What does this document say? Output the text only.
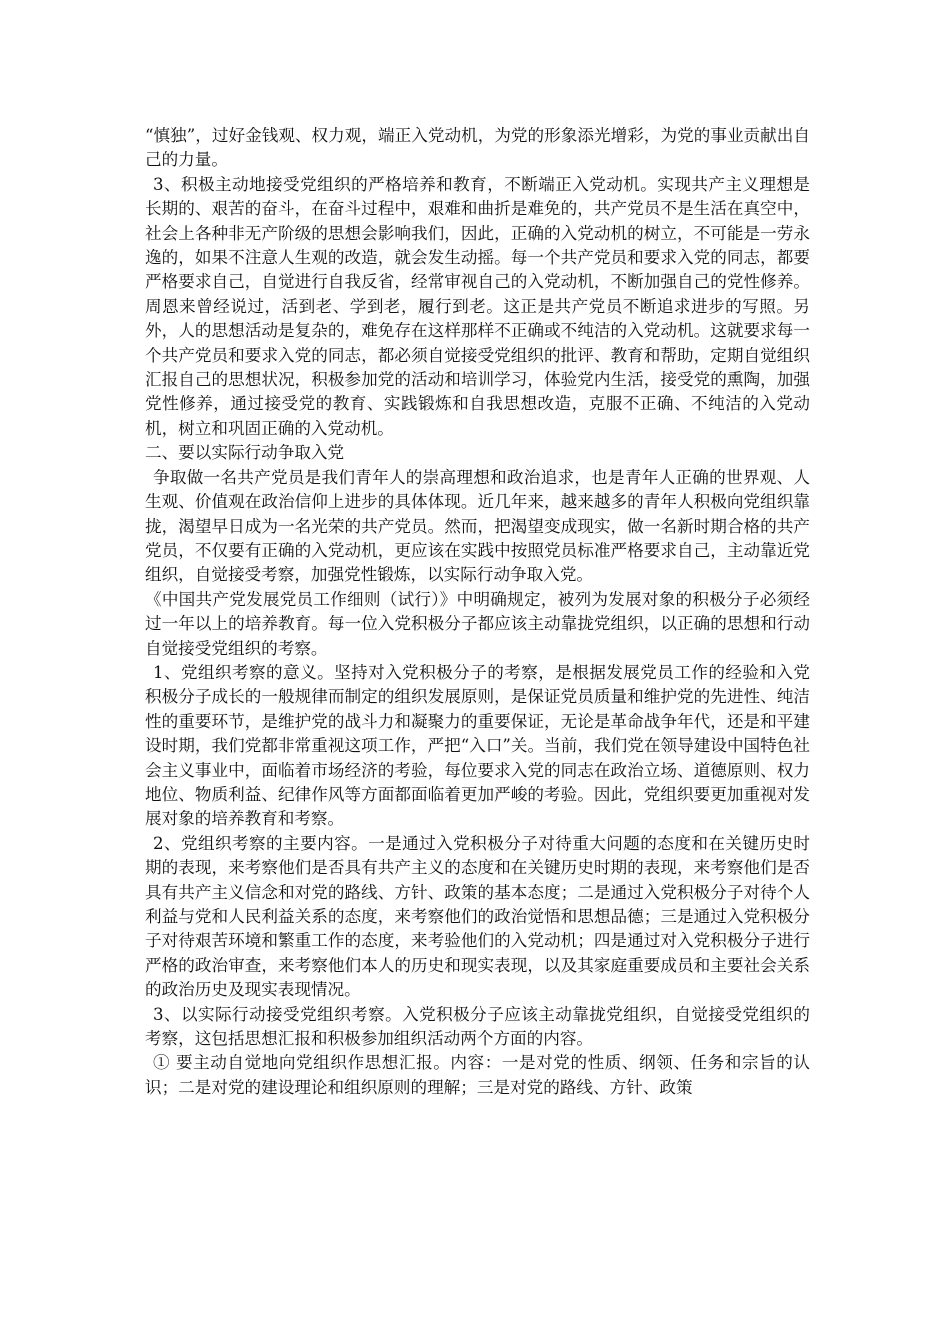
“慎独”，过好金钱观、权力观，端正入党动机，为党的形象添光增彩，为党的事业贡献出自己的力量。

3、积极主动地接受党组织的严格培养和教育，不断端正入党动机。实现共产主义理想是长期的、艰苦的奋斗，在奋斗过程中，艰难和曲折是难免的，共产党员不是生活在真空中，社会上各种非无产阶级的思想会影响我们，因此，正确的入党动机的树立，不可能是一劳永逸的，如果不注意人生观的改造，就会发生动摇。每一个共产党员和要求入党的同志，都要严格要求自己，自觉进行自我反省，经常审视自己的入党动机，不断加强自己的党性修养。周恩来曾经说过，活到老、学到老，履行到老。这正是共产党员不断追求进步的写照。另外，人的思想活动是复杂的，难免存在这样那样不正确或不纯洁的入党动机。这就要求每一个共产党员和要求入党的同志，都必须自觉接受党组织的批评、教育和帮助，定期自觉组织汇报自己的思想状况，积极参加党的活动和培训学习，体验党内生活，接受党的熏陶，加强党性修养，通过接受党的教育、实践锻炼和自我思想改造，克服不正确、不纯洁的入党动机，树立和巩固正确的入党动机。

二、要以实际行动争取入党

争取做一名共产党员是我们青年人的崇高理想和政治追求，也是青年人正确的世界观、人生观、价值观在政治信仰上进步的具体体现。近几年来，越来越多的青年人积极向党组织靠拢，渴望早日成为一名光荣的共产党员。然而，把渴望变成现实，做一名新时期合格的共产党员，不仅要有正确的入党动机，更应该在实践中按照党员标准严格要求自己，主动靠近党组织，自觉接受考察，加强党性锻炼，以实际行动争取入党。

《中国共产党发展党员工作细则（试行）》中明确规定，被列为发展对象的积极分子必须经过一年以上的培养教育。每一位入党积极分子都应该主动靠拢党组织，以正确的思想和行动自觉接受党组织的考察。

1、党组织考察的意义。坚持对入党积极分子的考察，是根据发展党员工作的经验和入党积极分子成长的一般规律而制定的组织发展原则，是保证党员质量和维护党的先进性、纯洁性的重要环节，是维护党的战斗力和凝聚力的重要保证，无论是革命战争年代，还是和平建设时期，我们党都非常重视这项工作，严把“入口”关。当前，我们党在领导建设中国特色社会主义事业中，面临着市场经济的考验，每位要求入党的同志在政治立场、道德原则、权力地位、物质利益、纪律作风等方面都面临着更加严峻的考验。因此，党组织要更加重视对发展对象的培养教育和考察。

2、党组织考察的主要内容。一是通过入党积极分子对待重大问题的态度和在关键历史时期的表现，来考察他们是否具有共产主义的态度和在关键历史时期的表现，来考察他们是否具有共产主义信念和对党的路线、方针、政策的基本态度；二是通过入党积极分子对待个人利益与党和人民利益关系的态度，来考察他们的政治觉悟和思想品德；三是通过入党积极分子对待艰苦环境和繁重工作的态度，来考验他们的入党动机；四是通过对入党积极分子进行严格的政治审查，来考察他们本人的历史和现实表现，以及其家庭重要成员和主要社会关系的政治历史及现实表现情况。

3、以实际行动接受党组织考察。入党积极分子应该主动靠拢党组织，自觉接受党组织的考察，这包括思想汇报和积极参加组织活动两个方面的内容。

① 要主动自觉地向党组织作思想汇报。内容：一是对党的性质、纲领、任务和宗旨的认识；二是对党的建设理论和组织原则的理解；三是对党的路线、方针、政策
